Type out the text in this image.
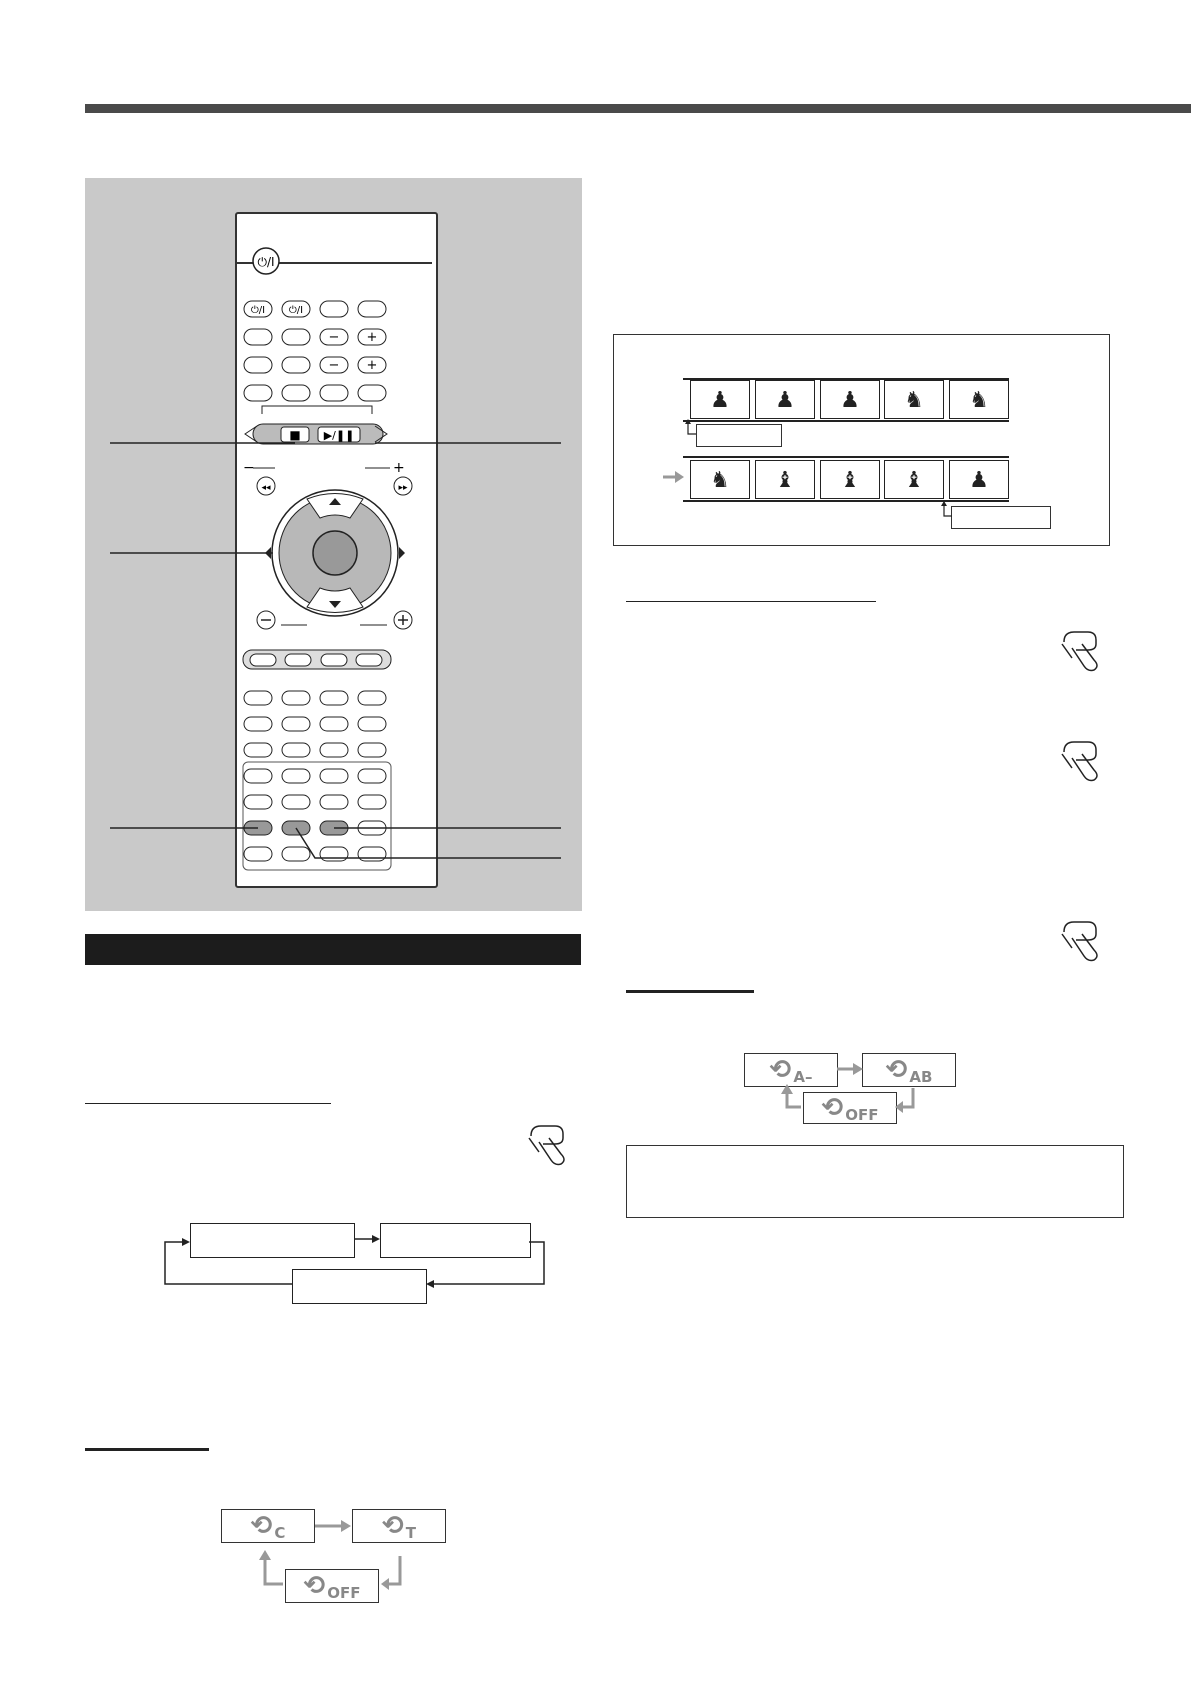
⏻/I
⏻/I ⏻/I
− +
− +
■ ▶/❚❚
−	+
◂◂	▸▸
⟲ C	⟲ T
⟲ OFF
♟ ♟ ♟ ♞ ♞
♞ ♝ ♝ ♝ ♟
⟲ A–	⟲ AB
⟲ OFF
